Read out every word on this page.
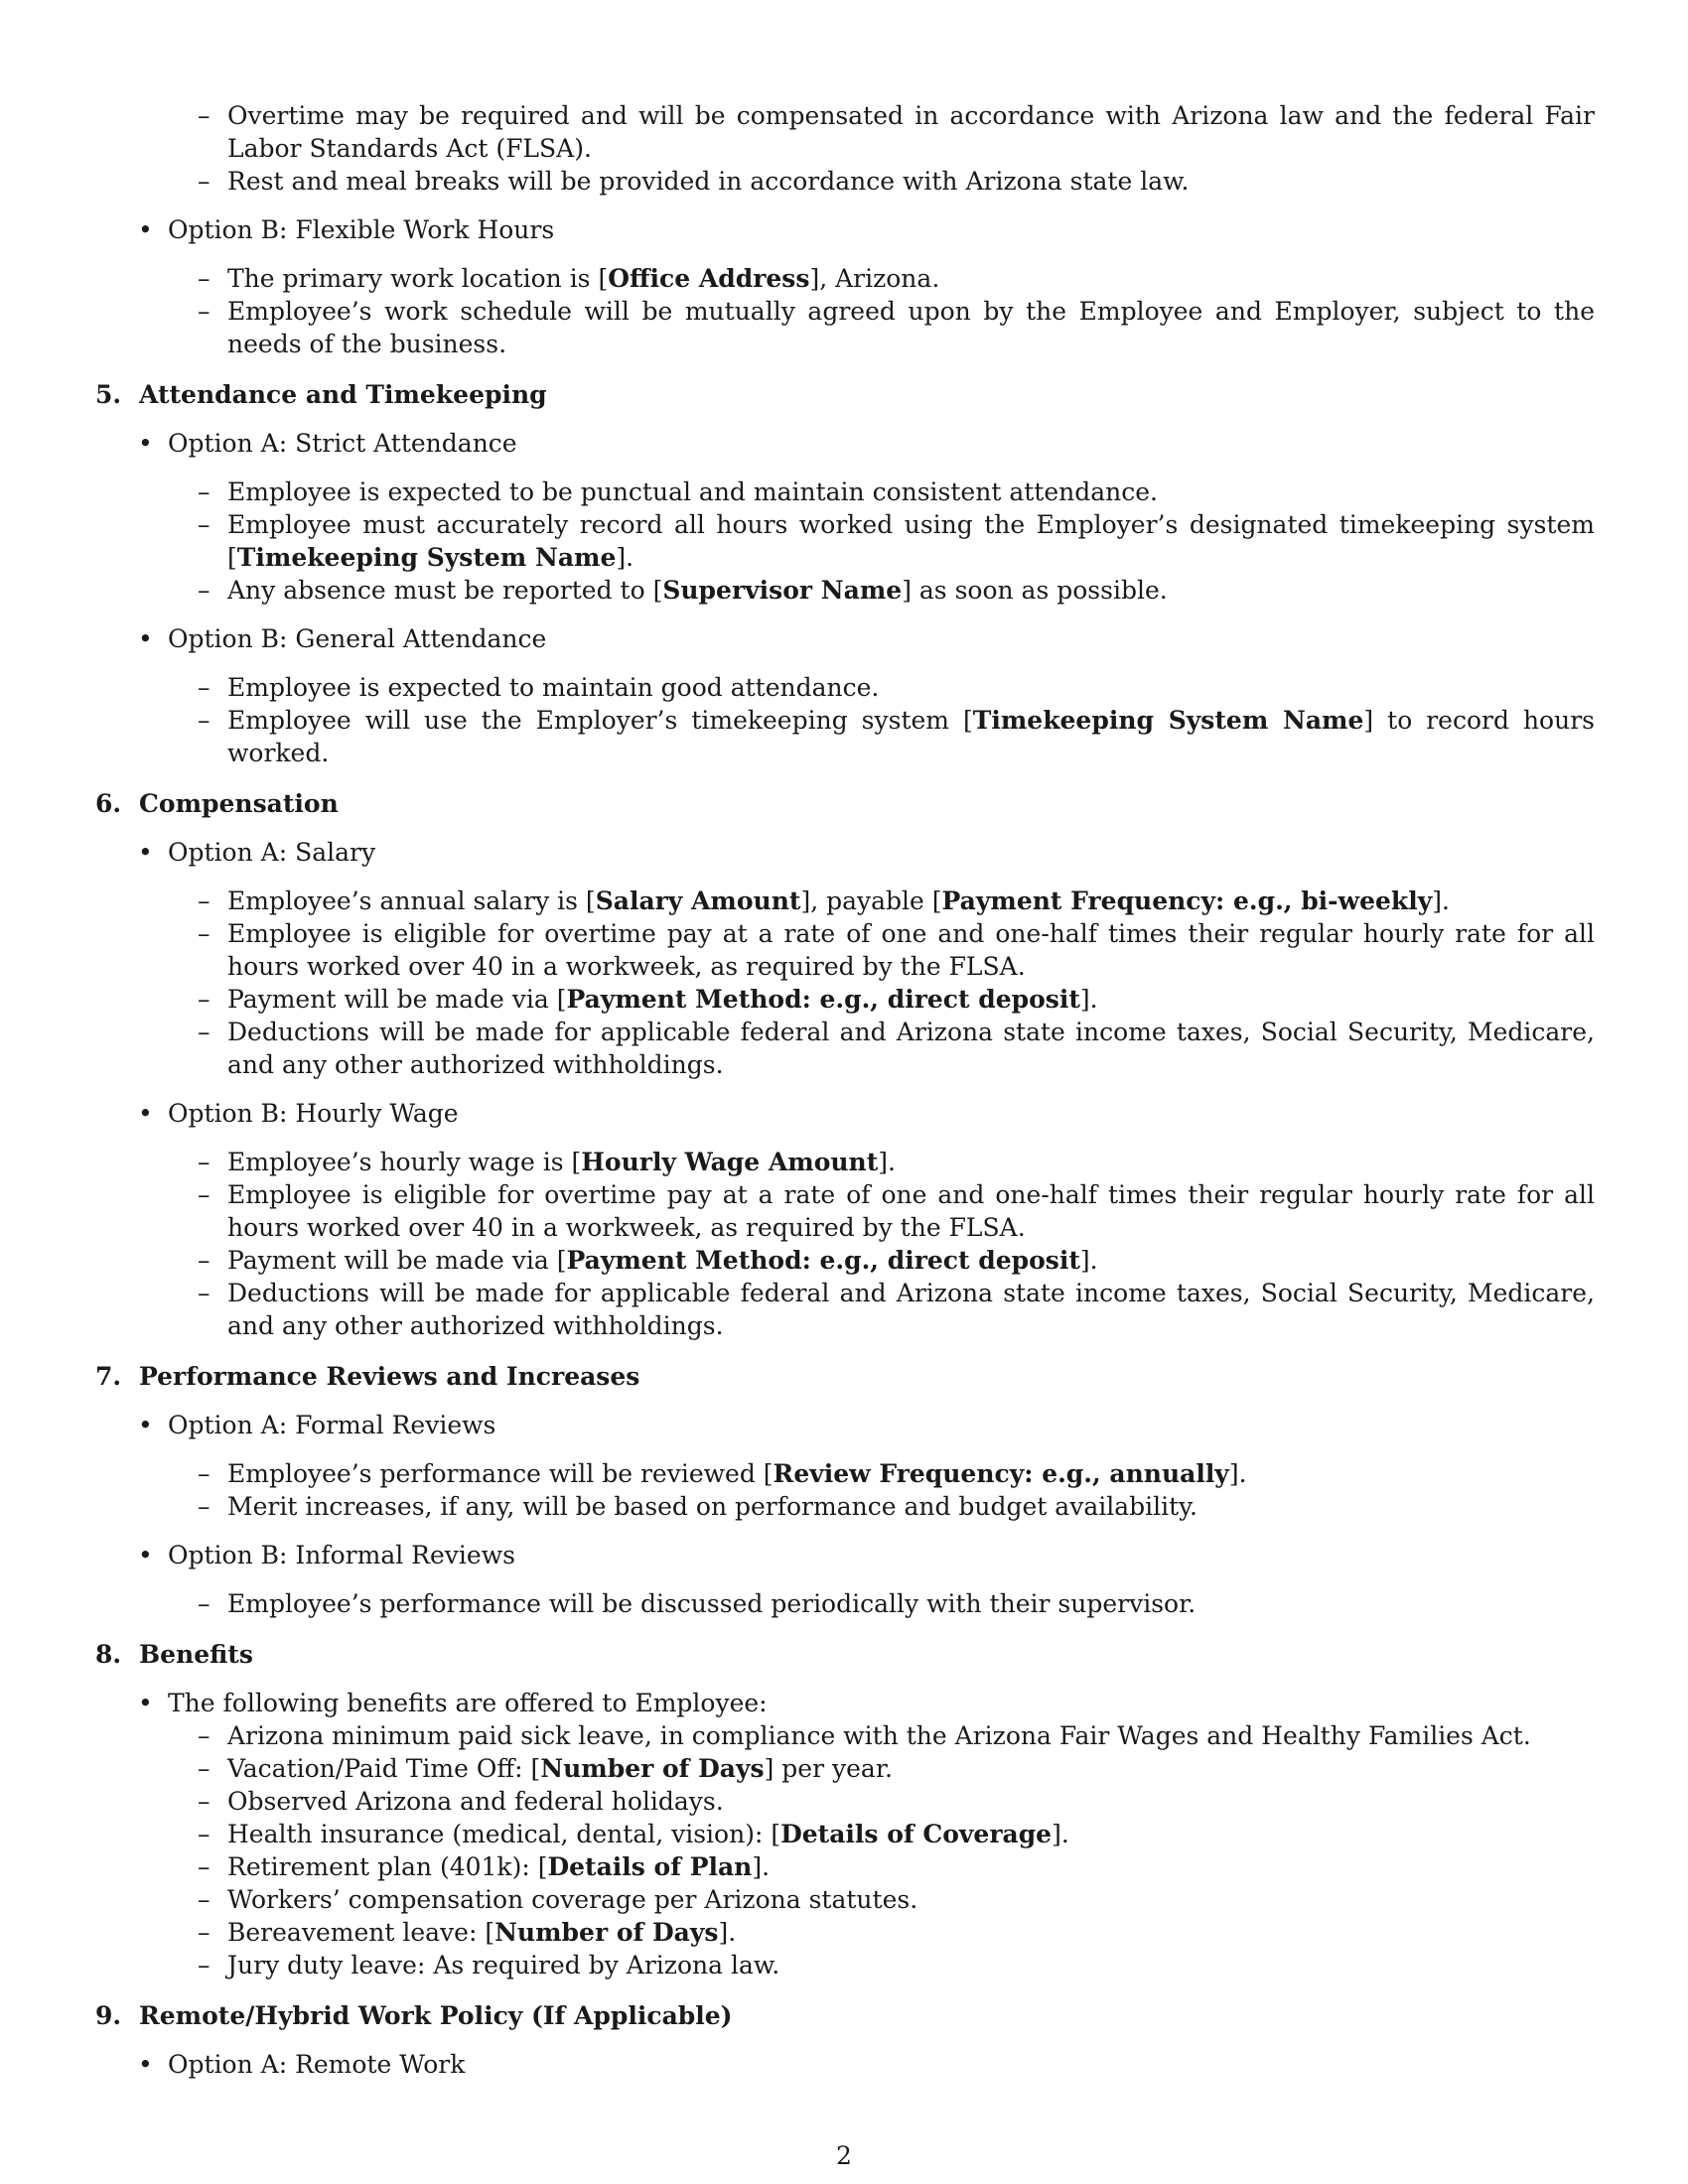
– Overtime may be required and will be compensated in accordance with Arizona law and the federal Fair Labor Standards Act (FLSA).
– Rest and meal breaks will be provided in accordance with Arizona state law.
• Option B: Flexible Work Hours
– The primary work location is [Office Address], Arizona.
– Employee’s work schedule will be mutually agreed upon by the Employee and Employer, subject to the needs of the business.
5. Attendance and Timekeeping
• Option A: Strict Attendance
– Employee is expected to be punctual and maintain consistent attendance.
– Employee must accurately record all hours worked using the Employer’s designated timekeeping system [Timekeeping System Name].
– Any absence must be reported to [Supervisor Name] as soon as possible.
• Option B: General Attendance
– Employee is expected to maintain good attendance.
– Employee will use the Employer’s timekeeping system [Timekeeping System Name] to record hours worked.
6. Compensation
• Option A: Salary
– Employee’s annual salary is [Salary Amount], payable [Payment Frequency: e.g., bi-weekly].
– Employee is eligible for overtime pay at a rate of one and one-half times their regular hourly rate for all hours worked over 40 in a workweek, as required by the FLSA.
– Payment will be made via [Payment Method: e.g., direct deposit].
– Deductions will be made for applicable federal and Arizona state income taxes, Social Security, Medicare, and any other authorized withholdings.
• Option B: Hourly Wage
– Employee’s hourly wage is [Hourly Wage Amount].
– Employee is eligible for overtime pay at a rate of one and one-half times their regular hourly rate for all hours worked over 40 in a workweek, as required by the FLSA.
– Payment will be made via [Payment Method: e.g., direct deposit].
– Deductions will be made for applicable federal and Arizona state income taxes, Social Security, Medicare, and any other authorized withholdings.
7. Performance Reviews and Increases
• Option A: Formal Reviews
– Employee’s performance will be reviewed [Review Frequency: e.g., annually].
– Merit increases, if any, will be based on performance and budget availability.
• Option B: Informal Reviews
– Employee’s performance will be discussed periodically with their supervisor.
8. Benefits
• The following benefits are offered to Employee:
– Arizona minimum paid sick leave, in compliance with the Arizona Fair Wages and Healthy Families Act.
– Vacation/Paid Time Off: [Number of Days] per year.
– Observed Arizona and federal holidays.
– Health insurance (medical, dental, vision): [Details of Coverage].
– Retirement plan (401k): [Details of Plan].
– Workers’ compensation coverage per Arizona statutes.
– Bereavement leave: [Number of Days].
– Jury duty leave: As required by Arizona law.
9. Remote/Hybrid Work Policy (If Applicable)
• Option A: Remote Work
2
